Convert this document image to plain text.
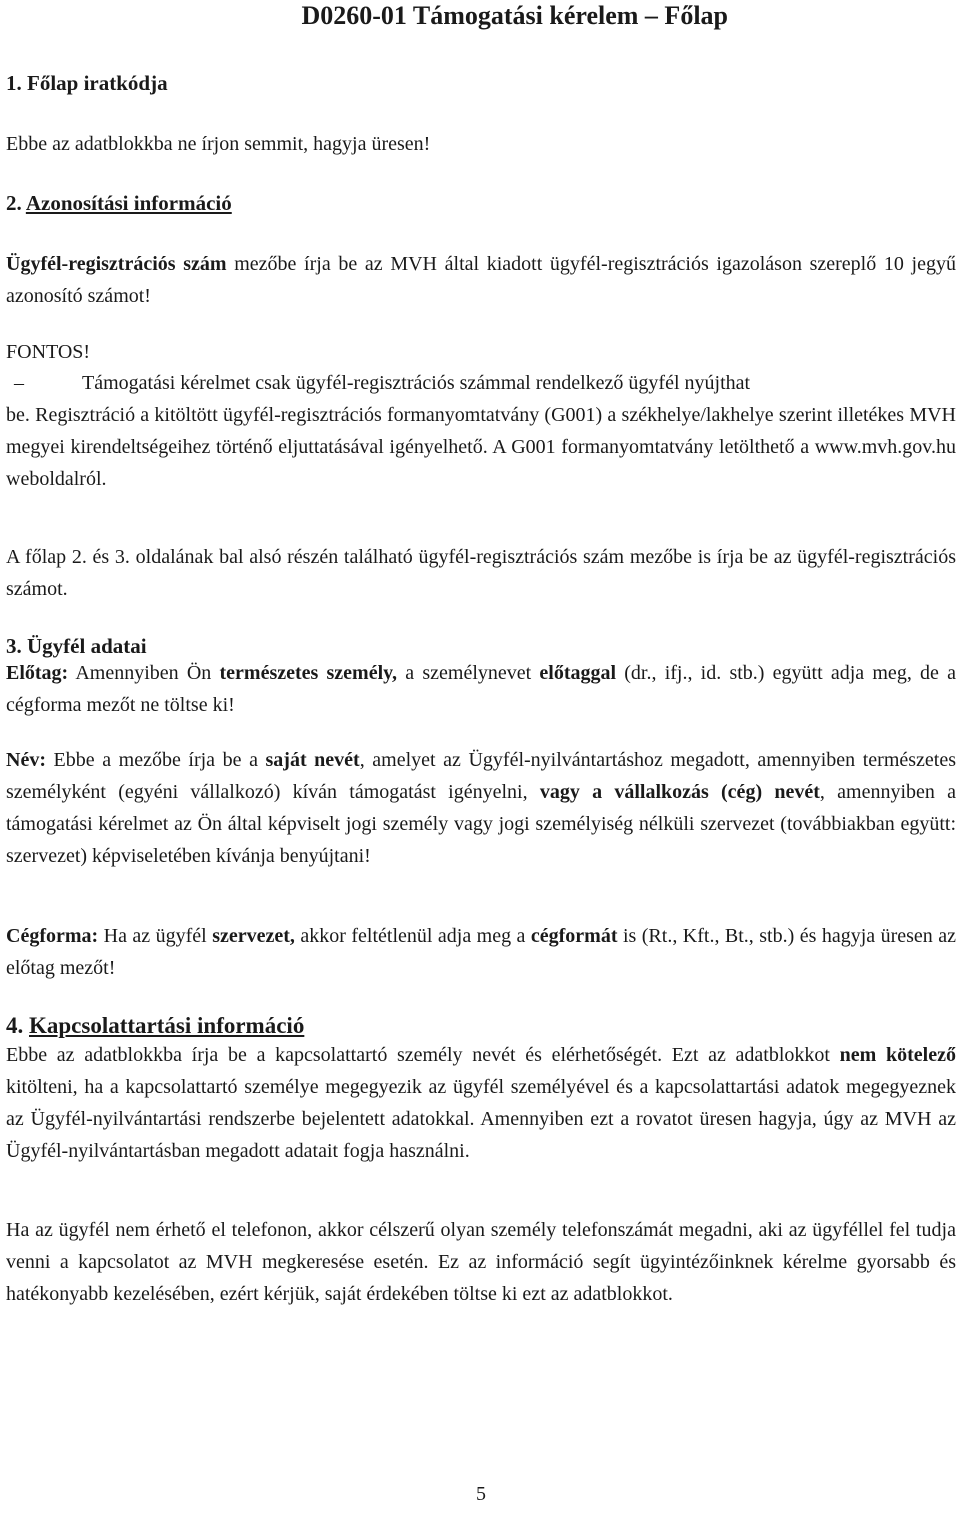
D0260-01 Támogatási kérelem – Főlap
1. Főlap iratkódja
Ebbe az adatblokkba ne írjon semmit, hagyja üresen!
2. Azonosítási információ
Ügyfél-regisztrációs szám mezőbe írja be az MVH által kiadott ügyfél-regisztrációs igazoláson szereplő 10 jegyű azonosító számot!
FONTOS!
–	Támogatási kérelmet csak ügyfél-regisztrációs számmal rendelkező ügyfél nyújthat
be. Regisztráció a kitöltött ügyfél-regisztrációs formanyomtatvány (G001) a székhelye/lakhelye szerint illetékes MVH megyei kirendeltségeihez történő eljuttatásával igényelhető. A G001 formanyomtatvány letölthető a www.mvh.gov.hu weboldalról.
A főlap 2. és 3. oldalának bal alsó részén található ügyfél-regisztrációs szám mezőbe is írja be az ügyfél-regisztrációs számot.
3. Ügyfél adatai
Előtag: Amennyiben Ön természetes személy, a személynevet előtaggal (dr., ifj., id. stb.) együtt adja meg, de a cégforma mezőt ne töltse ki!
Név: Ebbe a mezőbe írja be a saját nevét, amelyet az Ügyfél-nyilvántartáshoz megadott, amennyiben természetes személyként (egyéni vállalkozó) kíván támogatást igényelni, vagy a vállalkozás (cég) nevét, amennyiben a támogatási kérelmet az Ön által képviselt jogi személy vagy jogi személyiség nélküli szervezet (továbbiakban együtt: szervezet) képviseletében kívánja benyújtani!
Cégforma: Ha az ügyfél szervezet, akkor feltétlenül adja meg a cégformát is (Rt., Kft., Bt., stb.) és hagyja üresen az előtag mezőt!
4. Kapcsolattartási információ
Ebbe az adatblokkba írja be a kapcsolattartó személy nevét és elérhetőségét. Ezt az adatblokkot nem kötelező kitölteni, ha a kapcsolattartó személye megegyezik az ügyfél személyével és a kapcsolattartási adatok megegyeznek az Ügyfél-nyilvántartási rendszerbe bejelentett adatokkal. Amennyiben ezt a rovatot üresen hagyja, úgy az MVH az Ügyfél-nyilvántartásban megadott adatait fogja használni.
Ha az ügyfél nem érhető el telefonon, akkor célszerű olyan személy telefonszámát megadni, aki az ügyféllel fel tudja venni a kapcsolatot az MVH megkeresése esetén. Ez az információ segít ügyintézőinknek kérelme gyorsabb és hatékonyabb kezelésében, ezért kérjük, saját érdekében töltse ki ezt az adatblokkot.
5
